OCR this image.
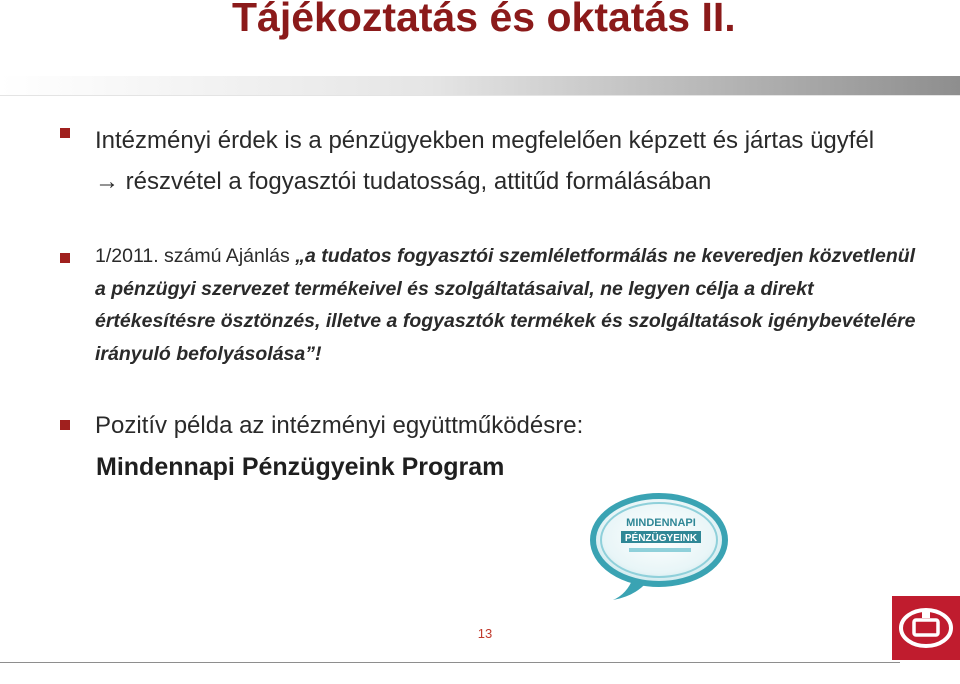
Tájékoztatás és oktatás II.
Intézményi érdek is a pénzügyekben megfelelően képzett és jártas ügyfél → részvétel a fogyasztói tudatosság, attitűd formálásában
1/2011. számú Ajánlás „a tudatos fogyasztói szemléletformálás ne keveredjen közvetlenül a pénzügyi szervezet termékeivel és szolgáltatásaival, ne legyen célja a direkt értékesítésre ösztönzés, illetve a fogyasztók termékek és szolgáltatások igénybevételére irányuló befolyásolása”!
Pozitív példa az intézményi együttműködésre:
Mindennapi Pénzügyeink Program
MINDENNAPI
PÉNZÜGYEINK
13
